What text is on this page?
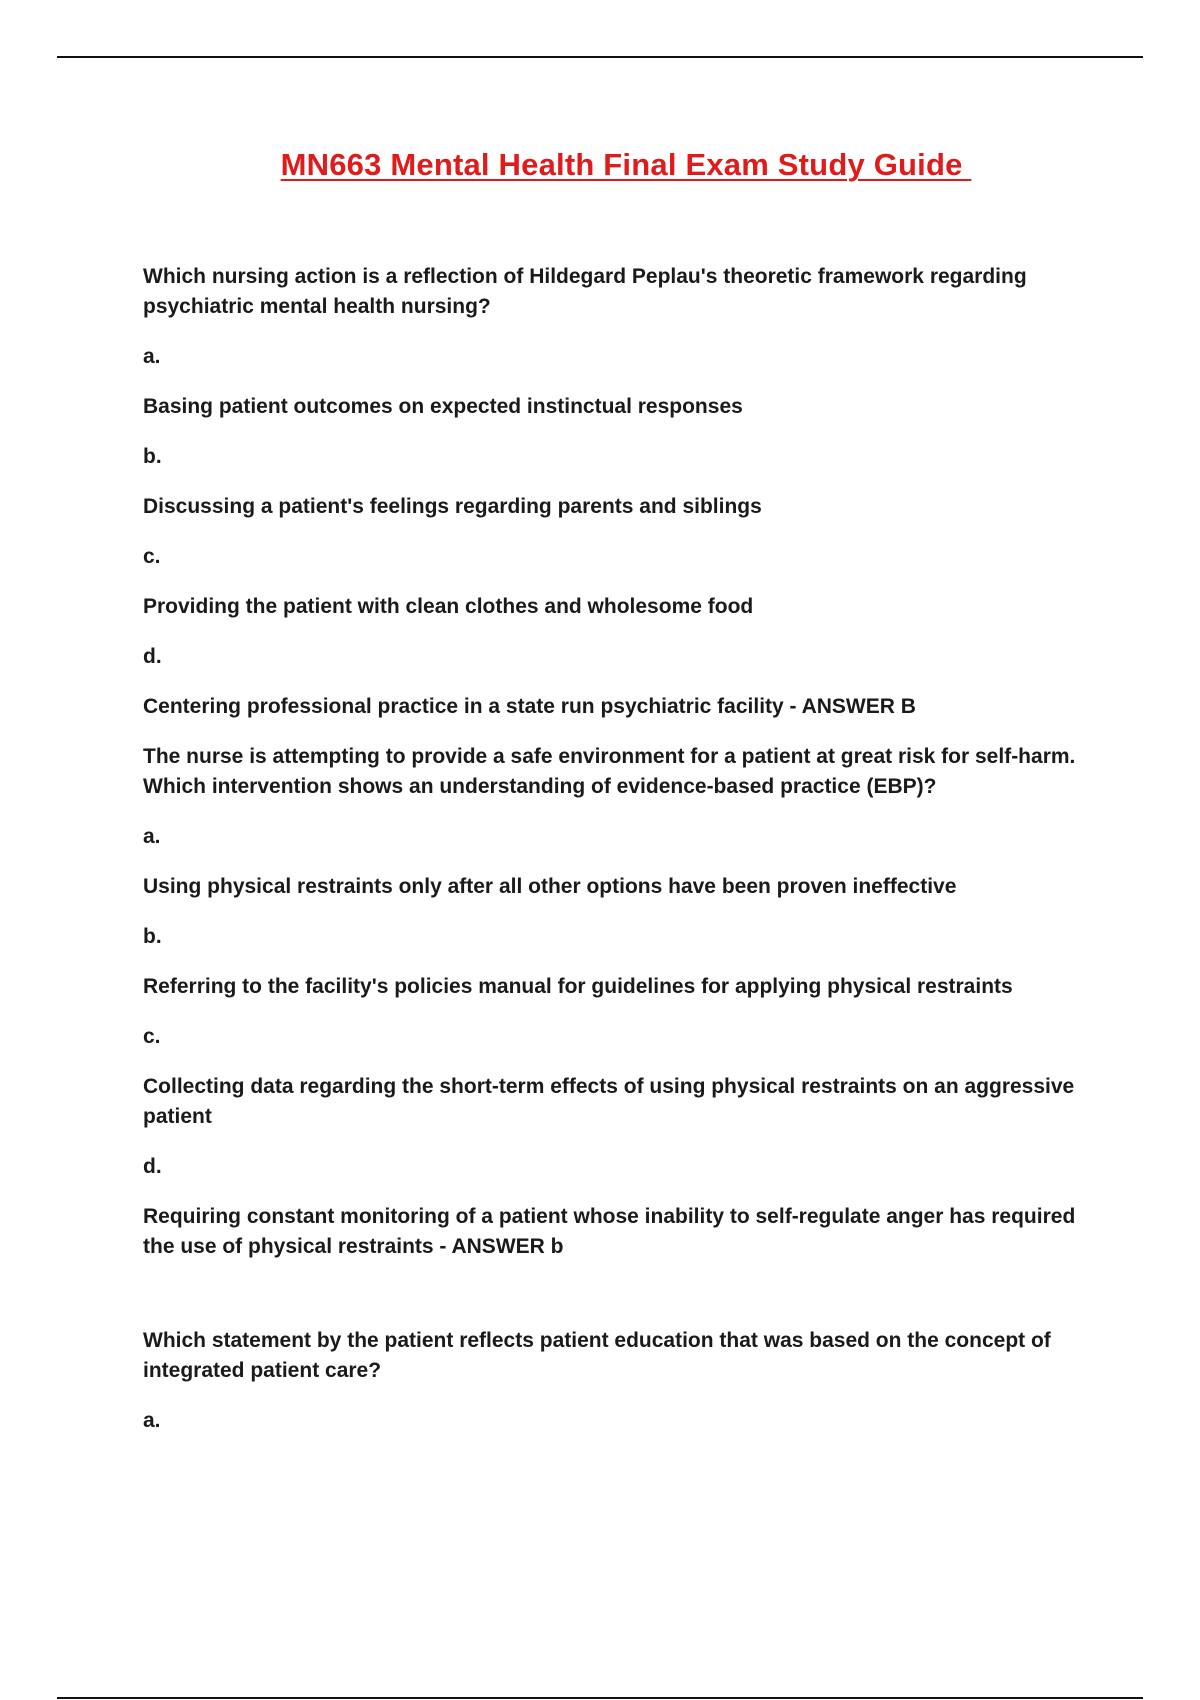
MN663 Mental Health Final Exam Study Guide

Which nursing action is a reflection of Hildegard Peplau's theoretic framework regarding psychiatric mental health nursing?

a.

Basing patient outcomes on expected instinctual responses

b.

Discussing a patient's feelings regarding parents and siblings

c.

Providing the patient with clean clothes and wholesome food

d.

Centering professional practice in a state run psychiatric facility - ANSWER B

The nurse is attempting to provide a safe environment for a patient at great risk for self-harm. Which intervention shows an understanding of evidence-based practice (EBP)?

a.

Using physical restraints only after all other options have been proven ineffective

b.

Referring to the facility's policies manual for guidelines for applying physical restraints

c.

Collecting data regarding the short-term effects of using physical restraints on an aggressive patient

d.

Requiring constant monitoring of a patient whose inability to self-regulate anger has required the use of physical restraints - ANSWER b

Which statement by the patient reflects patient education that was based on the concept of integrated patient care?

a.
